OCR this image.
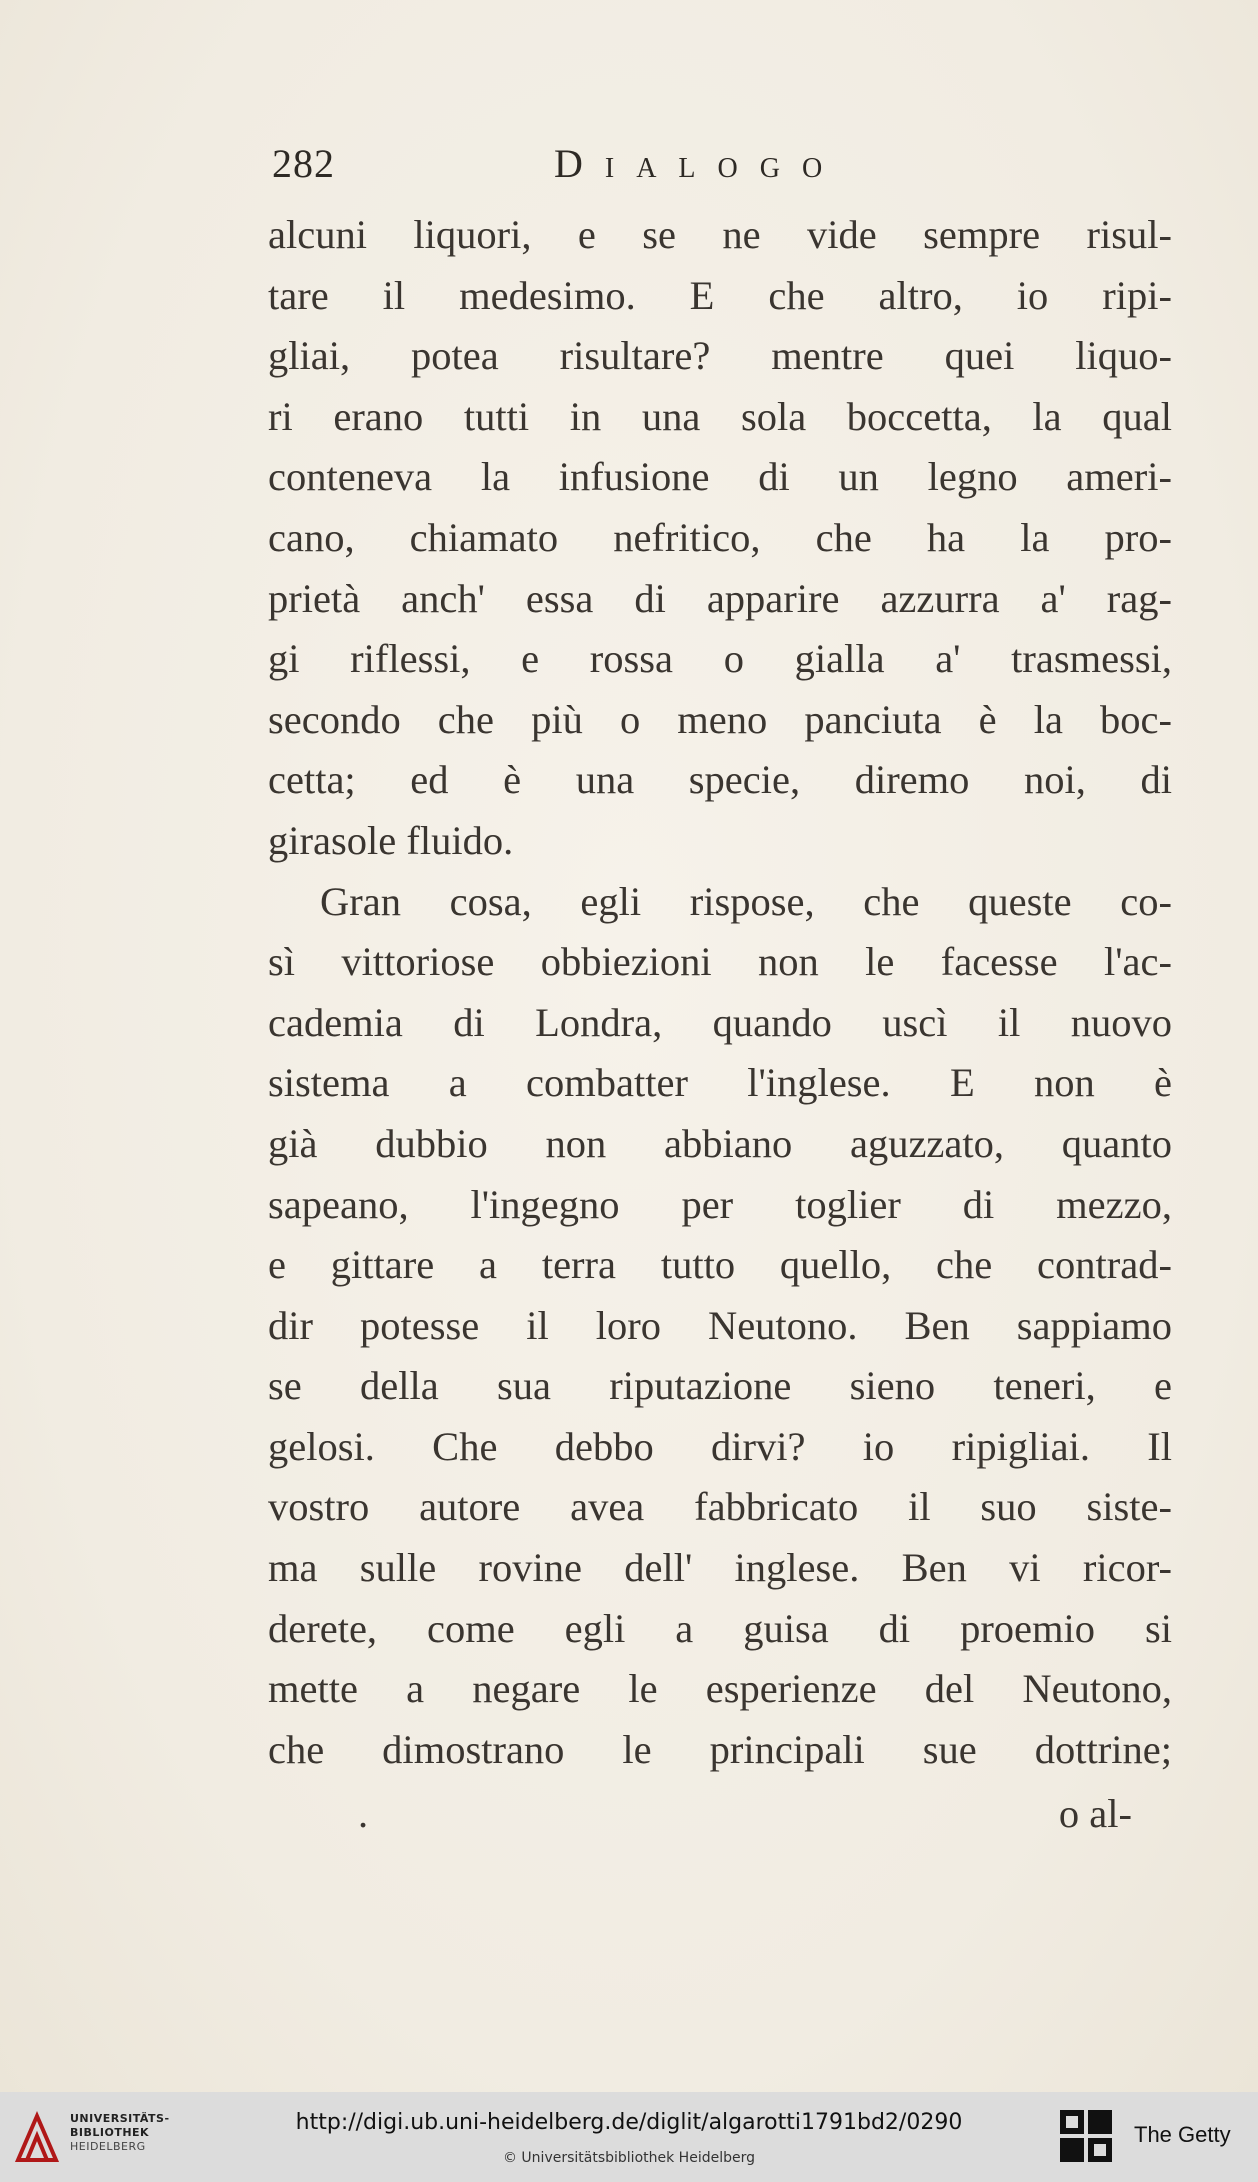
282	Dialogo
alcuni liquori, e se ne vide sempre risul-
tare il medesimo. E che altro, io ripi-
gliai, potea risultare? mentre quei liquo-
ri erano tutti in una sola boccetta, la qual
conteneva la infusione di un legno ameri-
cano, chiamato nefritico, che ha la pro-
prietà anch' essa di apparire azzurra a' rag-
gi riflessi, e rossa o gialla a' trasmessi,
secondo che più o meno panciuta è la boc-
cetta; ed è una specie, diremo noi, di
girasole fluido.
Gran cosa, egli rispose, che queste co-
sì vittoriose obbiezioni non le facesse l'ac-
cademia di Londra, quando uscì il nuovo
sistema a combatter l'inglese. E non è
già dubbio non abbiano aguzzato, quanto
sapeano, l'ingegno per toglier di mezzo,
e gittare a terra tutto quello, che contrad-
dir potesse il loro Neutono. Ben sappiamo
se della sua riputazione sieno teneri, e
gelosi. Che debbo dirvi? io ripigliai. Il
vostro autore avea fabbricato il suo siste-
ma sulle rovine dell' inglese. Ben vi ricor-
derete, come egli a guisa di proemio si
mette a negare le esperienze del Neutono,
che dimostrano le principali sue dottrine;
.	o al-
UNIVERSITÄTS-
BIBLIOTHEK
HEIDELBERG
http://digi.ub.uni-heidelberg.de/diglit/algarotti1791bd2/0290
© Universitätsbibliothek Heidelberg
The Getty
